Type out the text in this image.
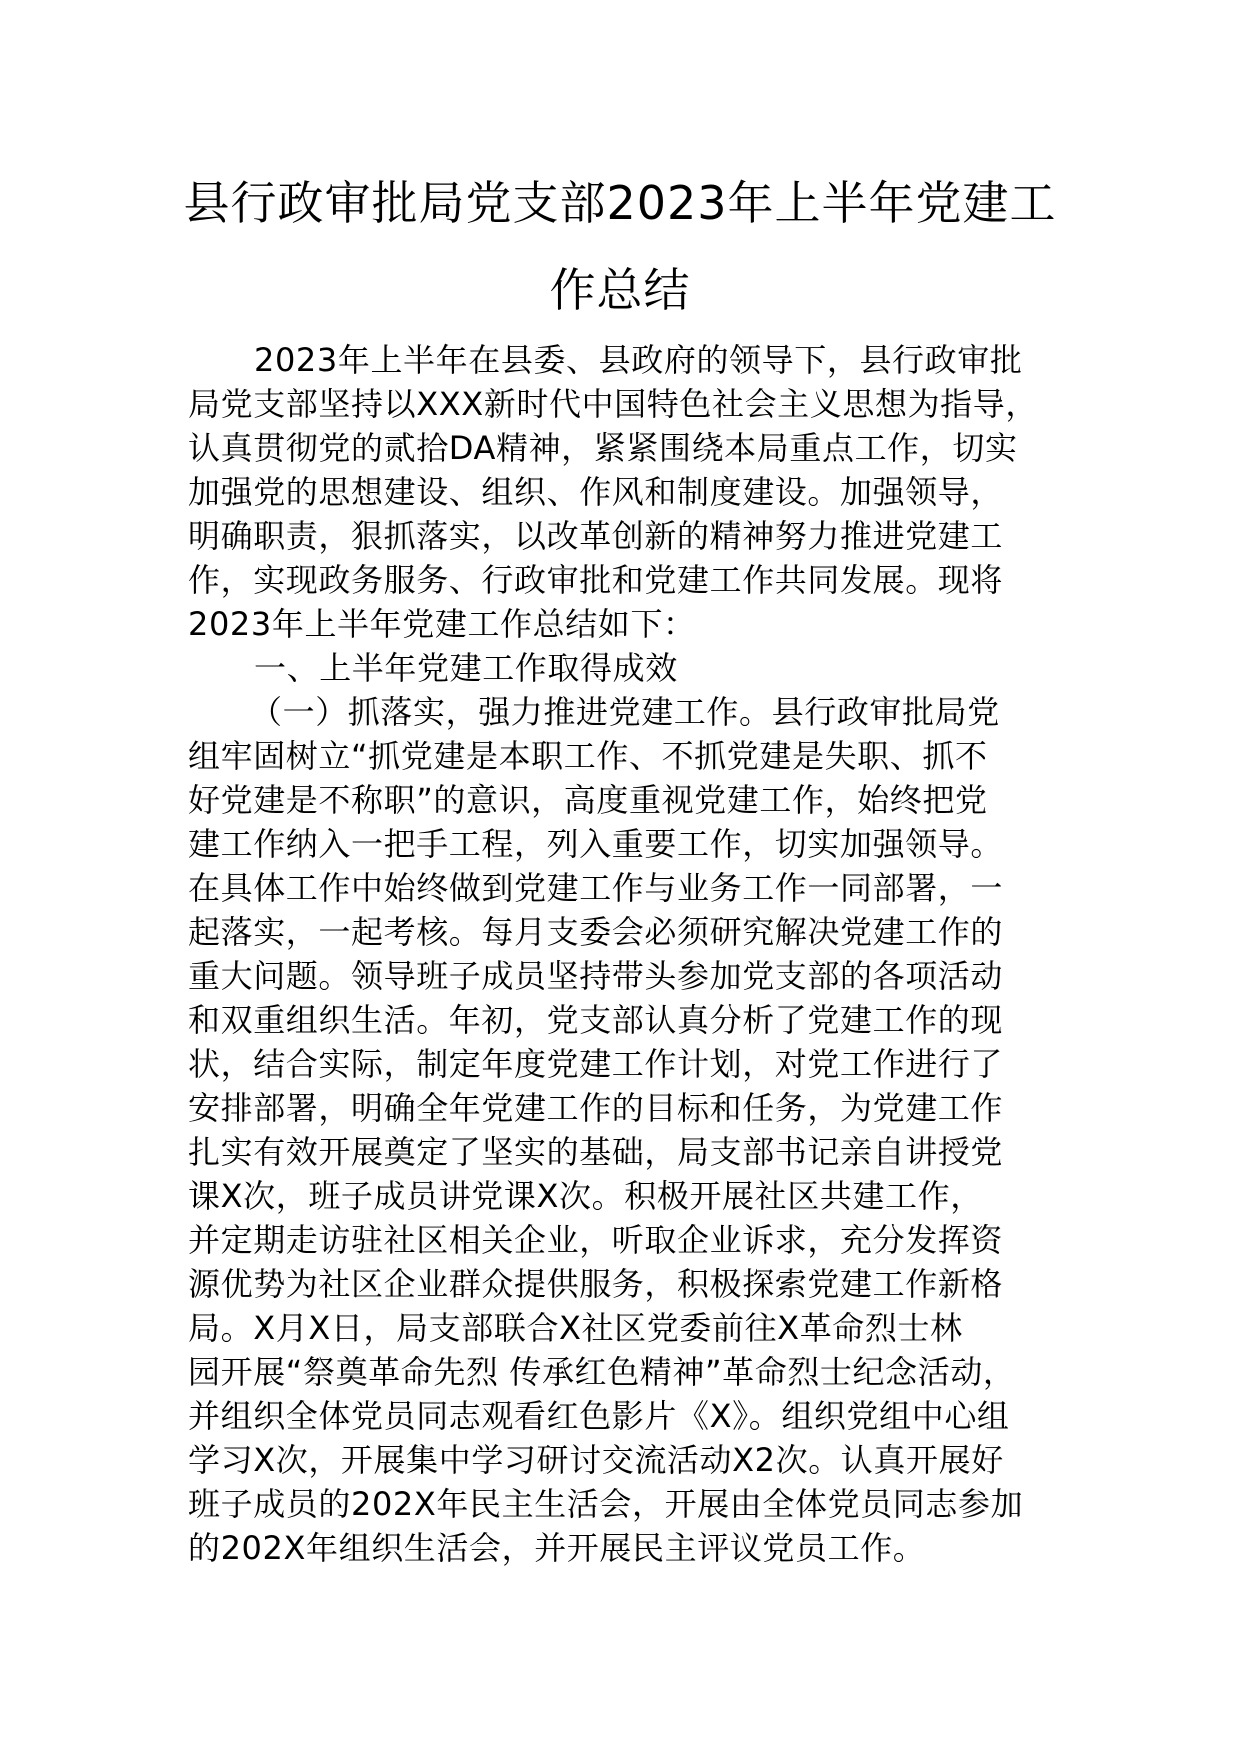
县行政审批局党支部2023年上半年党建工
作总结
2023年上半年在县委、县政府的领导下，县行政审批
局党支部坚持以XXX新时代中国特色社会主义思想为指导，
认真贯彻党的贰拾DA精神，紧紧围绕本局重点工作，切实
加强党的思想建设、组织、作风和制度建设。加强领导，
明确职责，狠抓落实，以改革创新的精神努力推进党建工
作，实现政务服务、行政审批和党建工作共同发展。现将
2023年上半年党建工作总结如下：
一、上半年党建工作取得成效
（一）抓落实，强力推进党建工作。县行政审批局党
组牢固树立“抓党建是本职工作、不抓党建是失职、抓不
好党建是不称职”的意识，高度重视党建工作，始终把党
建工作纳入一把手工程，列入重要工作，切实加强领导。
在具体工作中始终做到党建工作与业务工作一同部署，一
起落实，一起考核。每月支委会必须研究解决党建工作的
重大问题。领导班子成员坚持带头参加党支部的各项活动
和双重组织生活。年初，党支部认真分析了党建工作的现
状，结合实际，制定年度党建工作计划，对党工作进行了
安排部署，明确全年党建工作的目标和任务，为党建工作
扎实有效开展奠定了坚实的基础，局支部书记亲自讲授党
课X次，班子成员讲党课X次。积极开展社区共建工作，
并定期走访驻社区相关企业，听取企业诉求，充分发挥资
源优势为社区企业群众提供服务，积极探索党建工作新格
局。X月X日，局支部联合X社区党委前往X革命烈士林
园开展“祭奠革命先烈 传承红色精神”革命烈士纪念活动，
并组织全体党员同志观看红色影片《X》。组织党组中心组
学习X次，开展集中学习研讨交流活动X2次。认真开展好
班子成员的202X年民主生活会，开展由全体党员同志参加
的202X年组织生活会，并开展民主评议党员工作。
